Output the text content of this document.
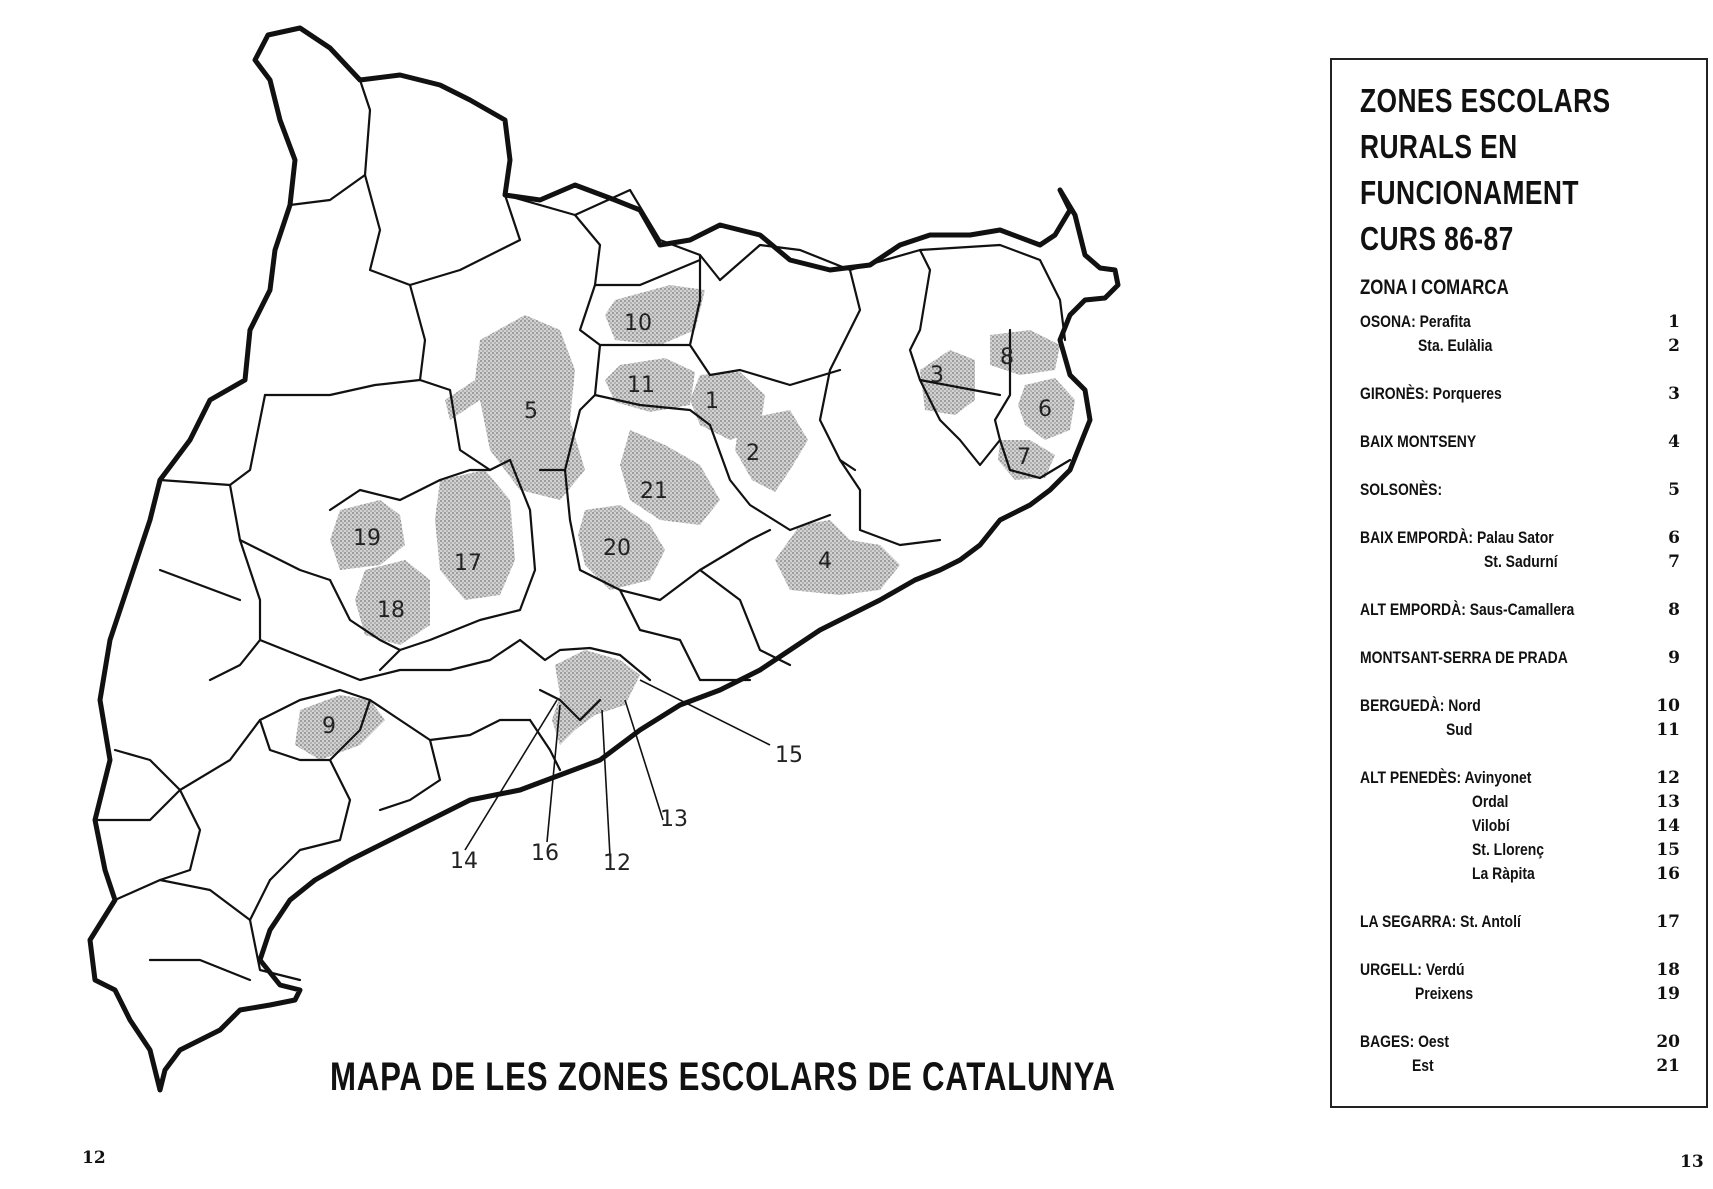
1
2
3
4
5	6
7
8
9
10
11
12
13
14
15
16
17
18
19	20
21
MAPA DE LES ZONES ESCOLARS DE CATALUNYA
12	13
ZONES ESCOLARS
RURALS EN
FUNCIONAMENT
CURS 86-87
ZONA I COMARCA
OSONA: Perafita	1
Sta. Eulàlia	2
GIRONÈS: Porqueres	3
BAIX MONTSENY	4
SOLSONÈS:	5
BAIX EMPORDÀ: Palau Sator	6
St. Sadurní	7
ALT EMPORDÀ: Saus-Camallera	8
MONTSANT-SERRA DE PRADA	9
BERGUEDÀ: Nord	10
Sud	11
ALT PENEDÈS: Avinyonet	12
Ordal	13
Vilobí	14
St. Llorenç	15
La Ràpita	16
LA SEGARRA: St. Antolí	17
URGELL: Verdú	18
Preixens	19
BAGES: Oest	20
Est	21
